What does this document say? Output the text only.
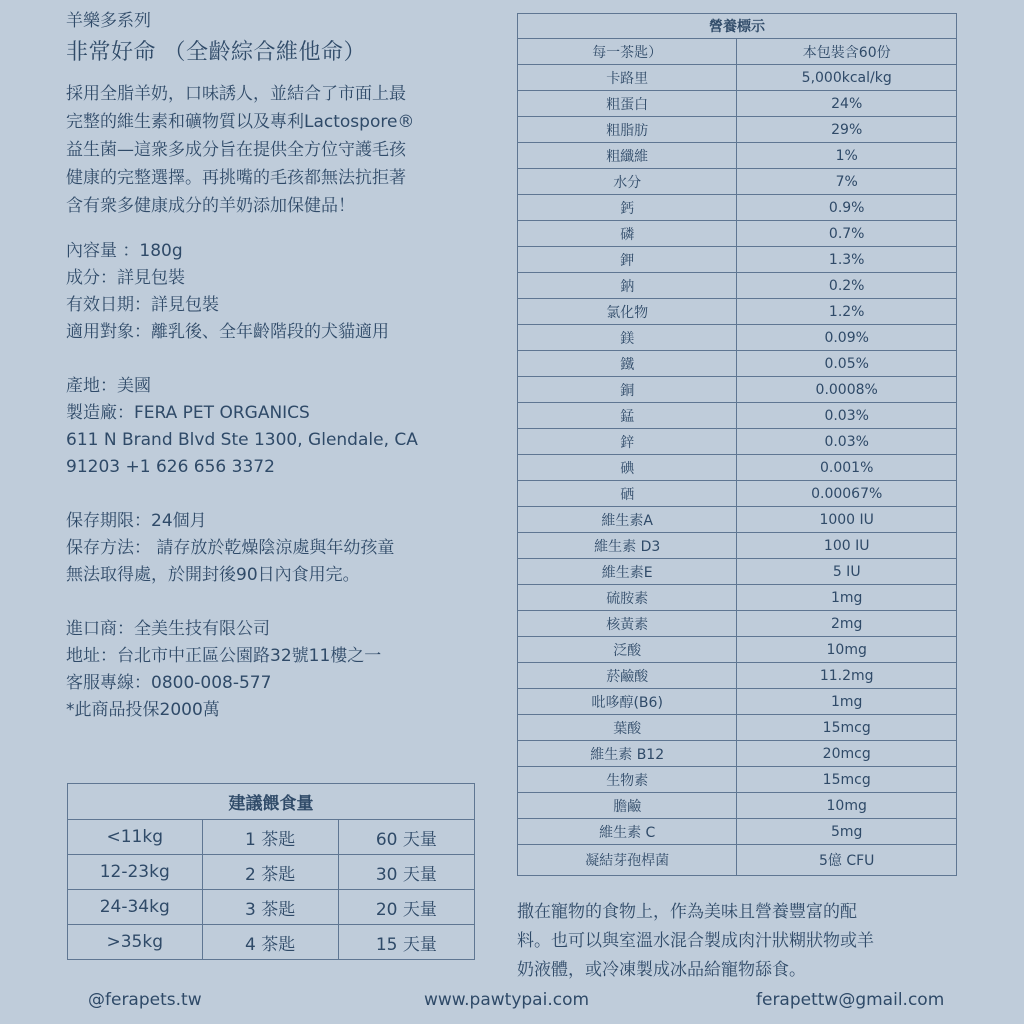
羊樂多系列
非常好命 （全齡綜合維他命）
採用全脂羊奶，口味誘人，並結合了市面上最
完整的維生素和礦物質以及專利Lactospore®
益生菌—這衆多成分旨在提供全方位守護毛孩
健康的完整選擇。再挑嘴的毛孩都無法抗拒著
含有衆多健康成分的羊奶添加保健品！
內容量 ：180g
成分：詳見包裝
有效日期：詳見包裝
適用對象：離乳後、全年齡階段的犬貓適用
產地：美國
製造廠：FERA PET ORGANICS
611 N Brand Blvd Ste 1300, Glendale, CA
91203 +1 626 656 3372
保存期限：24個月
保存方法： 請存放於乾燥陰涼處與年幼孩童
無法取得處，於開封後90日內食用完。
進口商：全美生技有限公司
地址：台北市中正區公園路32號11樓之一
客服專線：0800-008-577
*此商品投保2000萬
建議餵食量		
<11kg	1 茶匙	60 天量
12-23kg	2 茶匙	30 天量
24-34kg	3 茶匙	20 天量
>35kg	4 茶匙	15 天量
營養標示	
每一茶匙）	本包裝含60份
卡路里	5,000kcal/kg
粗蛋白	24%
粗脂肪	29%
粗纖維	1%
水分	7%
鈣	0.9%
磷	0.7%
鉀	1.3%
鈉	0.2%
氯化物	1.2%
鎂	0.09%
鐵	0.05%
銅	0.0008%
錳	0.03%
鋅	0.03%
碘	0.001%
硒	0.00067%
維生素A	1000 IU
維生素 D3	100 IU
維生素E	5 IU
硫胺素	1mg
核黃素	2mg
泛酸	10mg
菸鹼酸	11.2mg
吡哆醇(B6)	1mg
葉酸	15mcg
維生素 B12	20mcg
生物素	15mcg
膽鹼	10mg
維生素 C	5mg
凝結芽孢桿菌	5億 CFU
撒在寵物的食物上，作為美味且營養豐富的配
料。也可以與室溫水混合製成肉汁狀糊狀物或羊
奶液體，或冷凍製成冰品給寵物舔食。
@ferapets.tw	www.pawtypai.com	ferapettw@gmail.com
